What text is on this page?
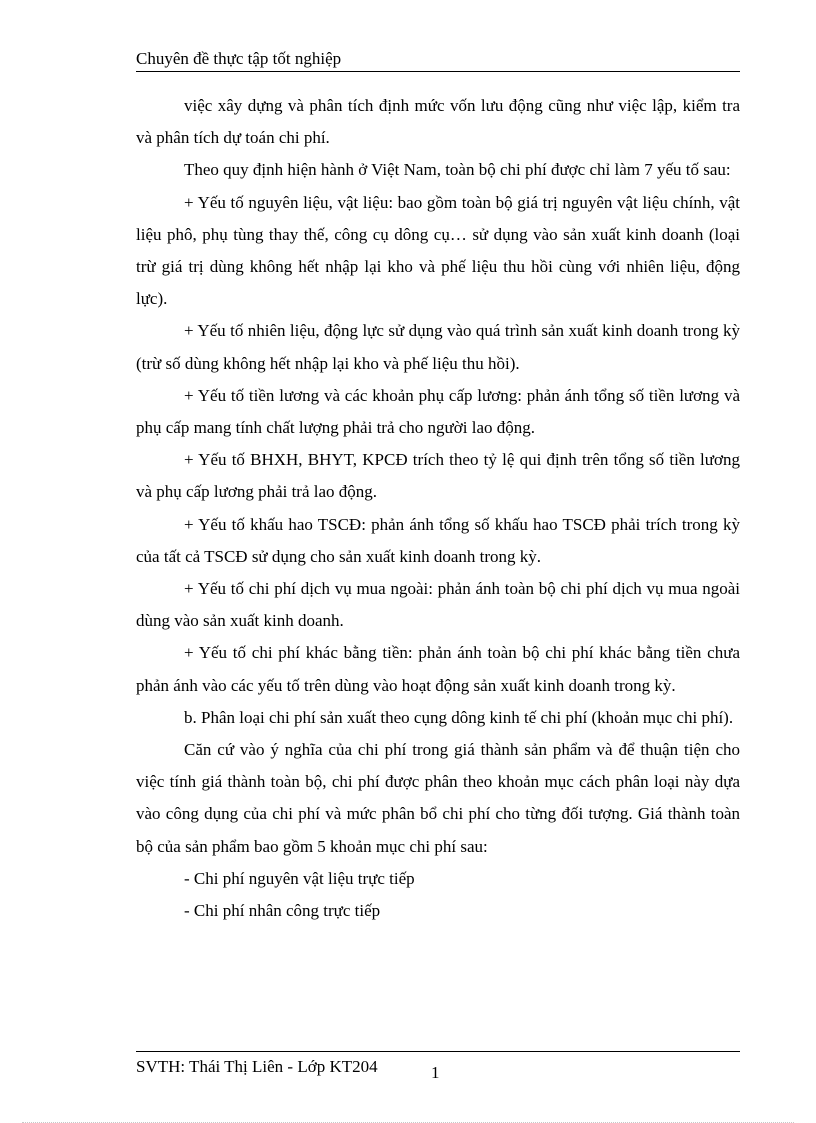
Chuyên đề thực tập tốt nghiệp

việc xây dựng và phân tích định mức vốn lưu động cũng như việc lập, kiểm tra và phân tích dự toán chi phí.

Theo quy định hiện hành ở Việt Nam, toàn bộ chi phí được chỉ làm 7 yếu tố sau:

+ Yếu tố nguyên liệu, vật liệu: bao gồm toàn bộ giá trị nguyên vật liệu chính, vật liệu phô, phụ tùng thay thế, công cụ dông cụ… sử dụng vào sản xuất kinh doanh (loại trừ giá trị dùng không hết nhập lại kho và phế liệu thu hồi cùng với nhiên liệu, động lực).

+ Yếu tố nhiên liệu, động lực sử dụng vào quá trình sản xuất kinh doanh trong kỳ (trừ số dùng không hết nhập lại kho và phế liệu thu hồi).

+ Yếu tố tiền lương và các khoản phụ cấp lương: phản ánh tổng số tiền lương và phụ cấp mang tính chất lượng phải trả cho người lao động.

+ Yếu tố BHXH, BHYT, KPCĐ trích theo tỷ lệ qui định trên tổng số tiền lương và phụ cấp lương phải trả lao động.

+ Yếu tố khấu hao TSCĐ: phản ánh tổng số khấu hao TSCĐ phải trích trong kỳ của tất cả TSCĐ sử dụng cho sản xuất kinh doanh trong kỳ.

+ Yếu tố chi phí dịch vụ mua ngoài: phản ánh toàn bộ chi phí dịch vụ mua ngoài dùng vào sản xuất kinh doanh.

+ Yếu tố chi phí khác bằng tiền: phản ánh toàn bộ chi phí khác bằng tiền chưa phản ánh vào các yếu tố trên dùng vào hoạt động sản xuất kinh doanh trong kỳ.

b. Phân loại chi phí sản xuất theo cụng dông kinh tế chi phí (khoản mục chi phí).

Căn cứ vào ý nghĩa của chi phí trong giá thành sản phẩm và để thuận tiện cho việc tính giá thành toàn bộ, chi phí được phân theo khoản mục cách phân loại này dựa vào công dụng của chi phí và mức phân bổ chi phí cho từng đối tượng. Giá thành toàn bộ của sản phẩm bao gồm 5 khoản mục chi phí sau:

- Chi phí nguyên vật liệu trực tiếp

- Chi phí nhân công trực tiếp

SVTH: Thái Thị Liên - Lớp KT204	1
